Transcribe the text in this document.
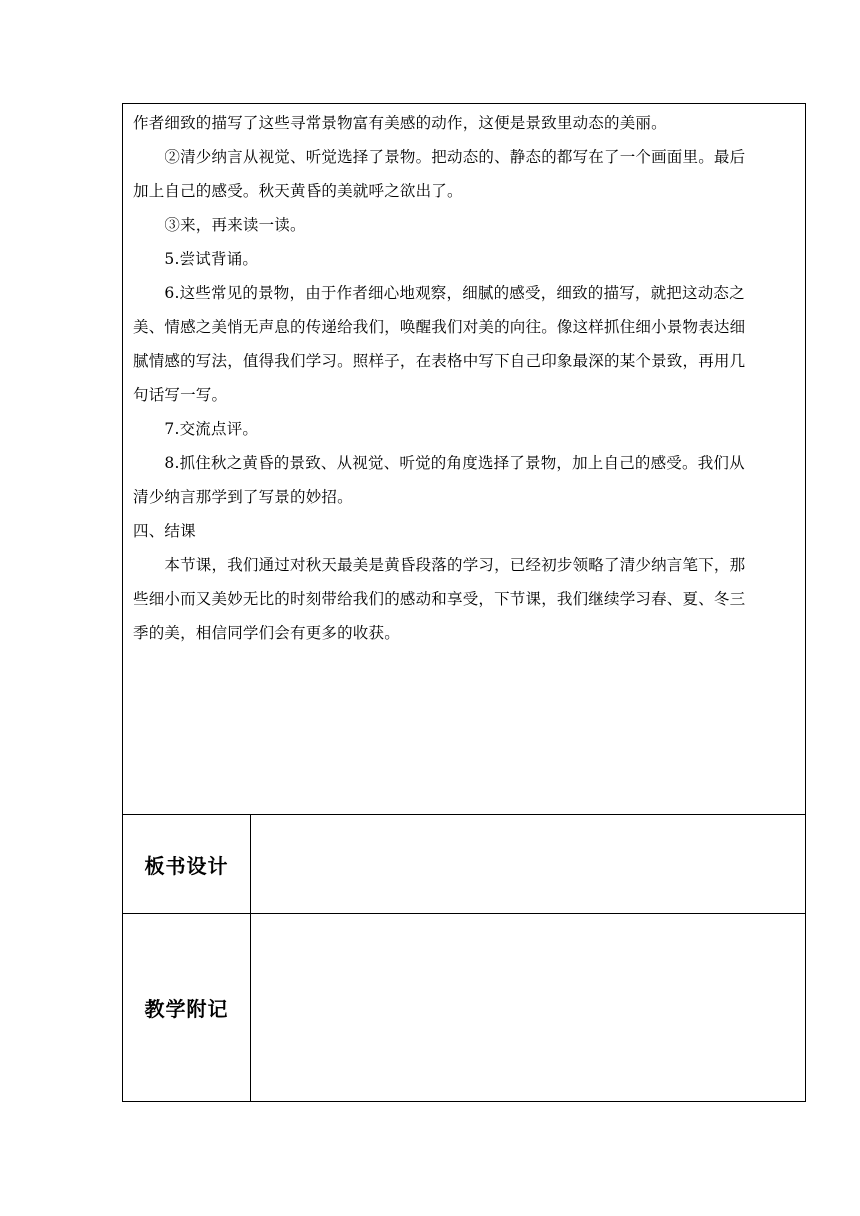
作者细致的描写了这些寻常景物富有美感的动作，这便是景致里动态的美丽。
　　②清少纳言从视觉、听觉选择了景物。把动态的、静态的都写在了一个画面里。最后
加上自己的感受。秋天黄昏的美就呼之欲出了。
　　③来，再来读一读。
　　5.尝试背诵。
　　6.这些常见的景物，由于作者细心地观察，细腻的感受，细致的描写，就把这动态之
美、情感之美悄无声息的传递给我们，唤醒我们对美的向往。像这样抓住细小景物表达细
腻情感的写法，值得我们学习。照样子，在表格中写下自己印象最深的某个景致，再用几
句话写一写。
　　7.交流点评。
　　8.抓住秋之黄昏的景致、从视觉、听觉的角度选择了景物，加上自己的感受。我们从
清少纳言那学到了写景的妙招。
四、结课
　　本节课，我们通过对秋天最美是黄昏段落的学习，已经初步领略了清少纳言笔下，那
些细小而又美妙无比的时刻带给我们的感动和享受，下节课，我们继续学习春、夏、冬三
季的美，相信同学们会有更多的收获。
板书设计
教学附记
